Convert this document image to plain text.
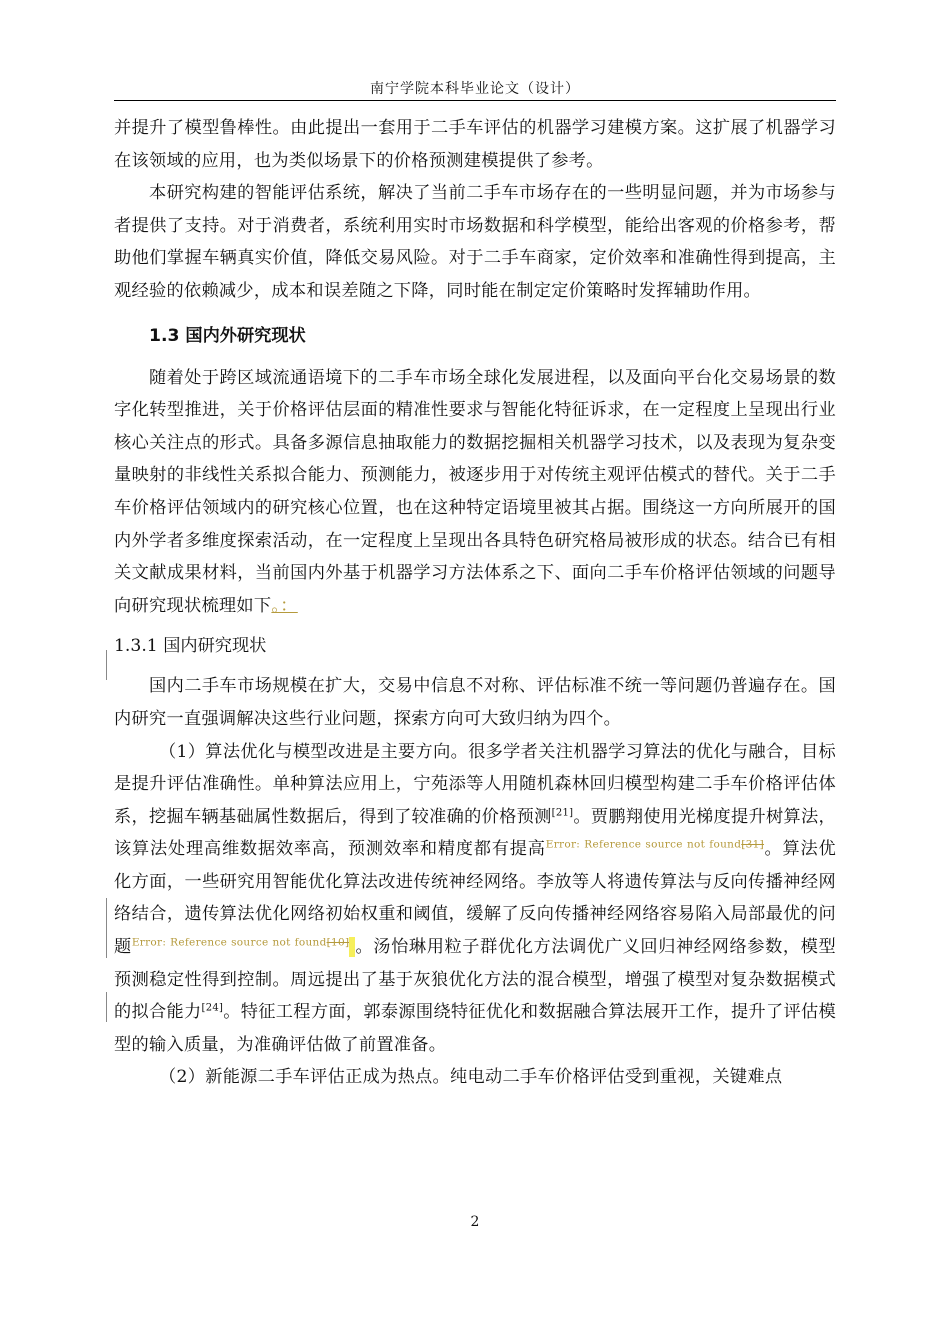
南宁学院本科毕业论文（设计）

并提升了模型鲁棒性。由此提出一套用于二手车评估的机器学习建模方案。这扩展了机器学习在该领域的应用，也为类似场景下的价格预测建模提供了参考。

本研究构建的智能评估系统，解决了当前二手车市场存在的一些明显问题，并为市场参与者提供了支持。对于消费者，系统利用实时市场数据和科学模型，能给出客观的价格参考，帮助他们掌握车辆真实价值，降低交易风险。对于二手车商家，定价效率和准确性得到提高，主观经验的依赖减少，成本和误差随之下降，同时能在制定定价策略时发挥辅助作用。

1.3 国内外研究现状

随着处于跨区域流通语境下的二手车市场全球化发展进程，以及面向平台化交易场景的数字化转型推进，关于价格评估层面的精准性要求与智能化特征诉求，在一定程度上呈现出行业核心关注点的形式。具备多源信息抽取能力的数据挖掘相关机器学习技术，以及表现为复杂变量映射的非线性关系拟合能力、预测能力，被逐步用于对传统主观评估模式的替代。关于二手车价格评估领域内的研究核心位置，也在这种特定语境里被其占据。围绕这一方向所展开的国内外学者多维度探索活动，在一定程度上呈现出各具特色研究格局被形成的状态。结合已有相关文献成果材料，当前国内外基于机器学习方法体系之下、面向二手车价格评估领域的问题导向研究现状梳理如下。：

1.3.1 国内研究现状

国内二手车市场规模在扩大，交易中信息不对称、评估标准不统一等问题仍普遍存在。国内研究一直强调解决这些行业问题，探索方向可大致归纳为四个。

（1）算法优化与模型改进是主要方向。很多学者关注机器学习算法的优化与融合，目标是提升评估准确性。单种算法应用上，宁苑添等人用随机森林回归模型构建二手车价格评估体系，挖掘车辆基础属性数据后，得到了较准确的价格预测[21]。贾鹏翔使用光梯度提升树算法，该算法处理高维数据效率高，预测效率和精度都有提高$^{Error: Reference source not found[31]}$。算法优化方面，一些研究用智能优化算法改进传统神经网络。李放等人将遗传算法与反向传播神经网络结合，遗传算法优化网络初始权重和阈值，缓解了反向传播神经网络容易陷入局部最优的问题$^{Error: Reference source not found[10]}$ 。汤怡琳用粒子群优化方法调优广义回归神经网络参数，模型预测稳定性得到控制。周远提出了基于灰狼优化方法的混合模型，增强了模型对复杂数据模式的拟合能力[24]。特征工程方面，郭泰源围绕特征优化和数据融合算法展开工作，提升了评估模型的输入质量，为准确评估做了前置准备。

（2）新能源二手车评估正成为热点。纯电动二手车价格评估受到重视，关键难点

2
